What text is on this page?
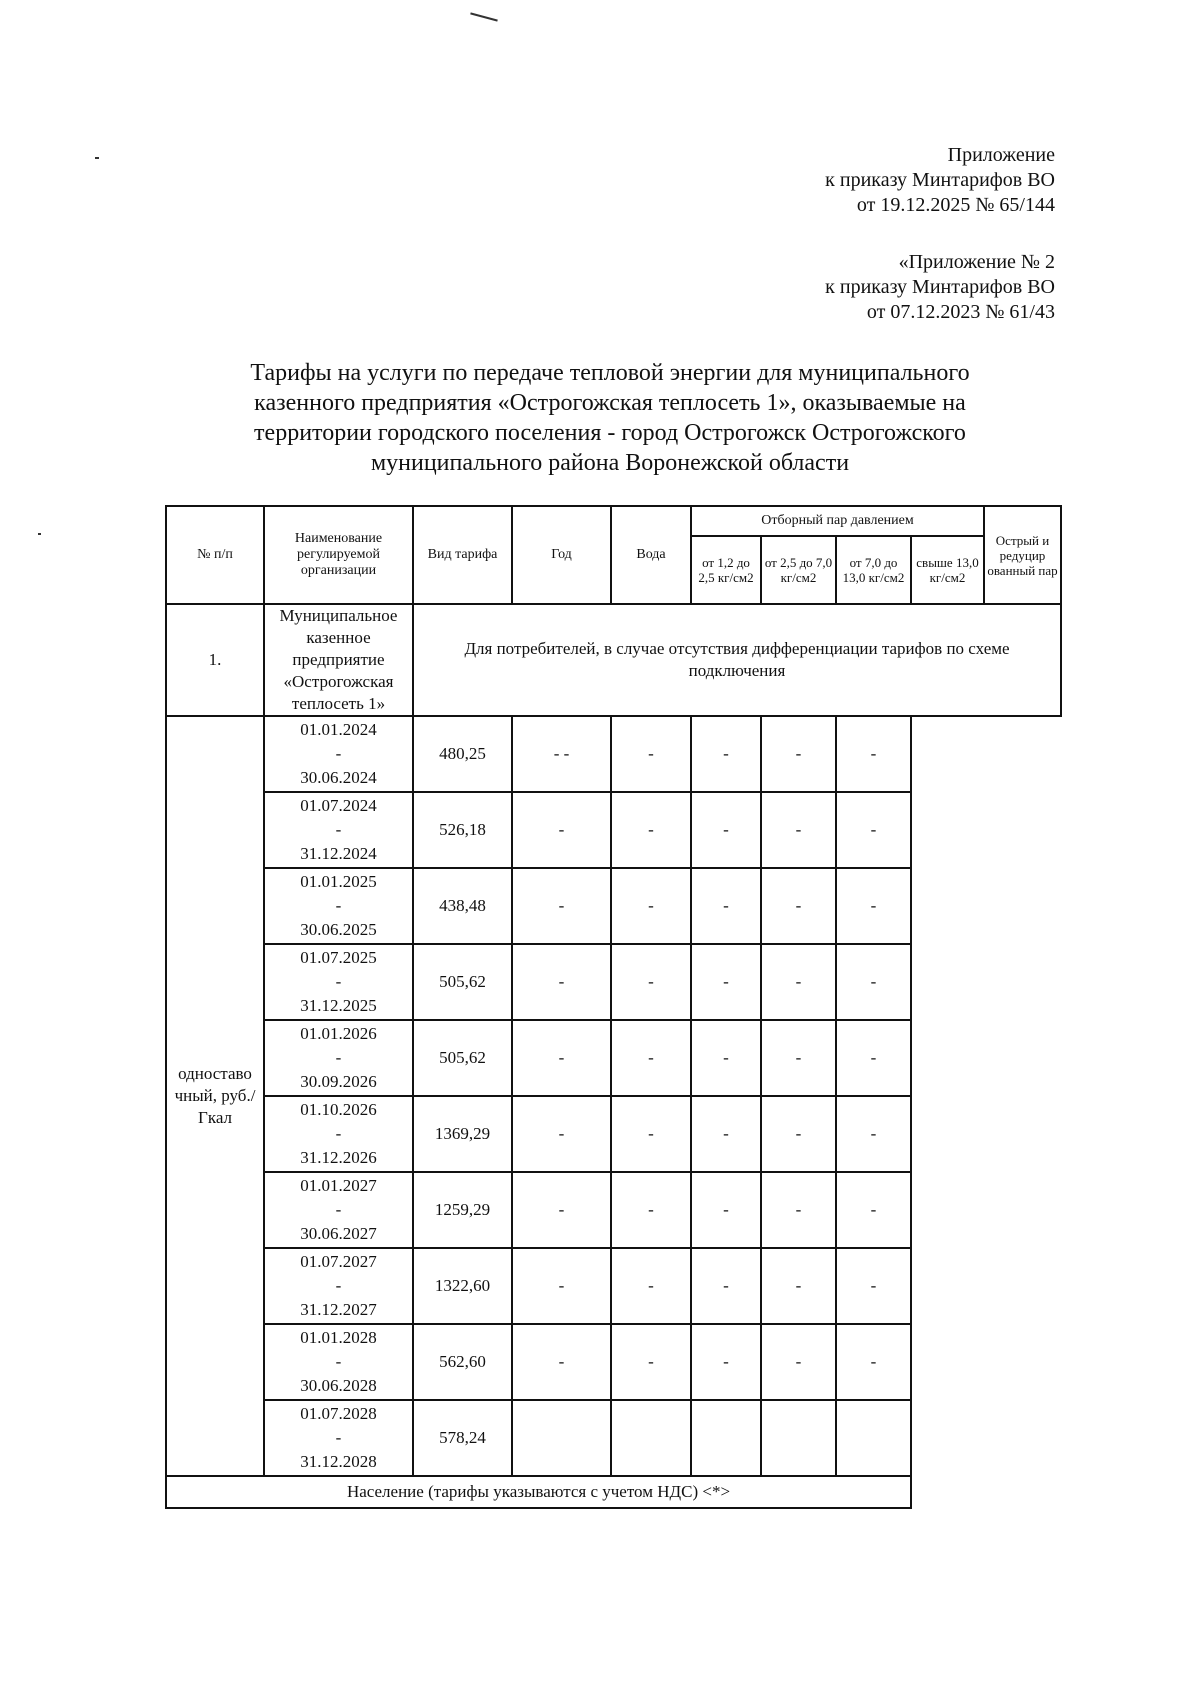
Приложение
к приказу Минтарифов ВО
от 19.12.2025 № 65/144
«Приложение № 2
к приказу Минтарифов ВО
от 07.12.2023 № 61/43
Тарифы на услуги по передаче тепловой энергии для муниципального
казенного предприятия «Острогожская теплосеть 1», оказываемые на
территории городского поселения - город Острогожск Острогожского
муниципального района Воронежской области
№ п/п	Наименование регулируемой организации	Вид тарифа	Год	Вода	Отборный пар давлением				Острый и редуцир ованный пар
					от 1,2 до 2,5 кг/см2	от 2,5 до 7,0 кг/см2	от 7,0 до 13,0 кг/см2	свыше 13,0 кг/см2	
1.	Муниципальное казенное предприятие «Острогожская теплосеть 1»	Для потребителей, в случае отсутствия дифференциации тарифов по схеме подключения							
одноставо чный, руб./Гкал	01.01.2024
-
30.06.2024	480,25	- -	-	-	-	-		

	01.07.2024
-
31.12.2024	526,18	-	-	-	-	-		

	01.01.2025
-
30.06.2025	438,48	-	-	-	-	-		

	01.07.2025
-
31.12.2025	505,62	-	-	-	-	-		

	01.01.2026
-
30.09.2026	505,62	-	-	-	-	-		

	01.10.2026
-
31.12.2026	1369,29	-	-	-	-	-		

	01.01.2027
-
30.06.2027	1259,29	-	-	-	-	-		

	01.07.2027
-
31.12.2027	1322,60	-	-	-	-	-		

	01.01.2028
-
30.06.2028	562,60	-	-	-	-	-		

	01.07.2028
-
31.12.2028	578,24							
Население (тарифы указываются с учетом НДС) <*>									
